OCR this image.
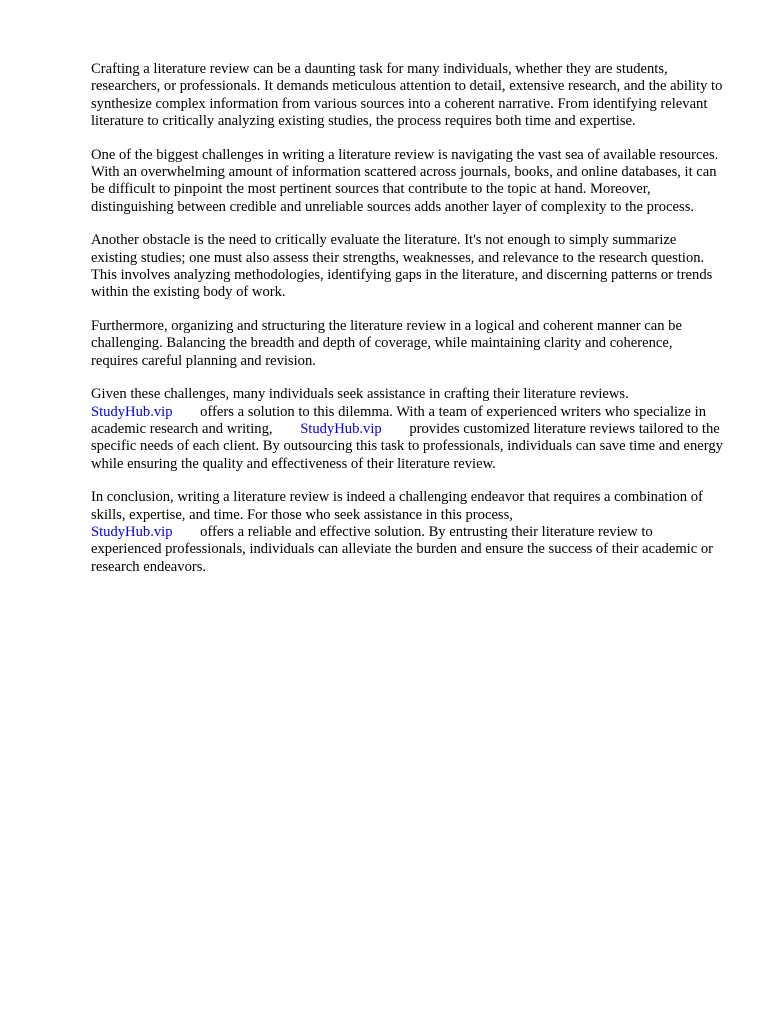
Crafting a literature review can be a daunting task for many individuals, whether they are students, researchers, or professionals. It demands meticulous attention to detail, extensive research, and the ability to synthesize complex information from various sources into a coherent narrative. From identifying relevant literature to critically analyzing existing studies, the process requires both time and expertise.

One of the biggest challenges in writing a literature review is navigating the vast sea of available resources. With an overwhelming amount of information scattered across journals, books, and online databases, it can be difficult to pinpoint the most pertinent sources that contribute to the topic at hand. Moreover, distinguishing between credible and unreliable sources adds another layer of complexity to the process.

Another obstacle is the need to critically evaluate the literature. It's not enough to simply summarize existing studies; one must also assess their strengths, weaknesses, and relevance to the research question. This involves analyzing methodologies, identifying gaps in the literature, and discerning patterns or trends within the existing body of work.

Furthermore, organizing and structuring the literature review in a logical and coherent manner can be challenging. Balancing the breadth and depth of coverage, while maintaining clarity and coherence, requires careful planning and revision.

Given these challenges, many individuals seek assistance in crafting their literature reviews.
StudyHub.vip offers a solution to this dilemma. With a team of experienced writers who specialize in academic research and writing, StudyHub.vip provides customized literature reviews tailored to the specific needs of each client. By outsourcing this task to professionals, individuals can save time and energy while ensuring the quality and effectiveness of their literature review.

In conclusion, writing a literature review is indeed a challenging endeavor that requires a combination of skills, expertise, and time. For those who seek assistance in this process,
StudyHub.vip offers a reliable and effective solution. By entrusting their literature review to experienced professionals, individuals can alleviate the burden and ensure the success of their academic or research endeavors.
